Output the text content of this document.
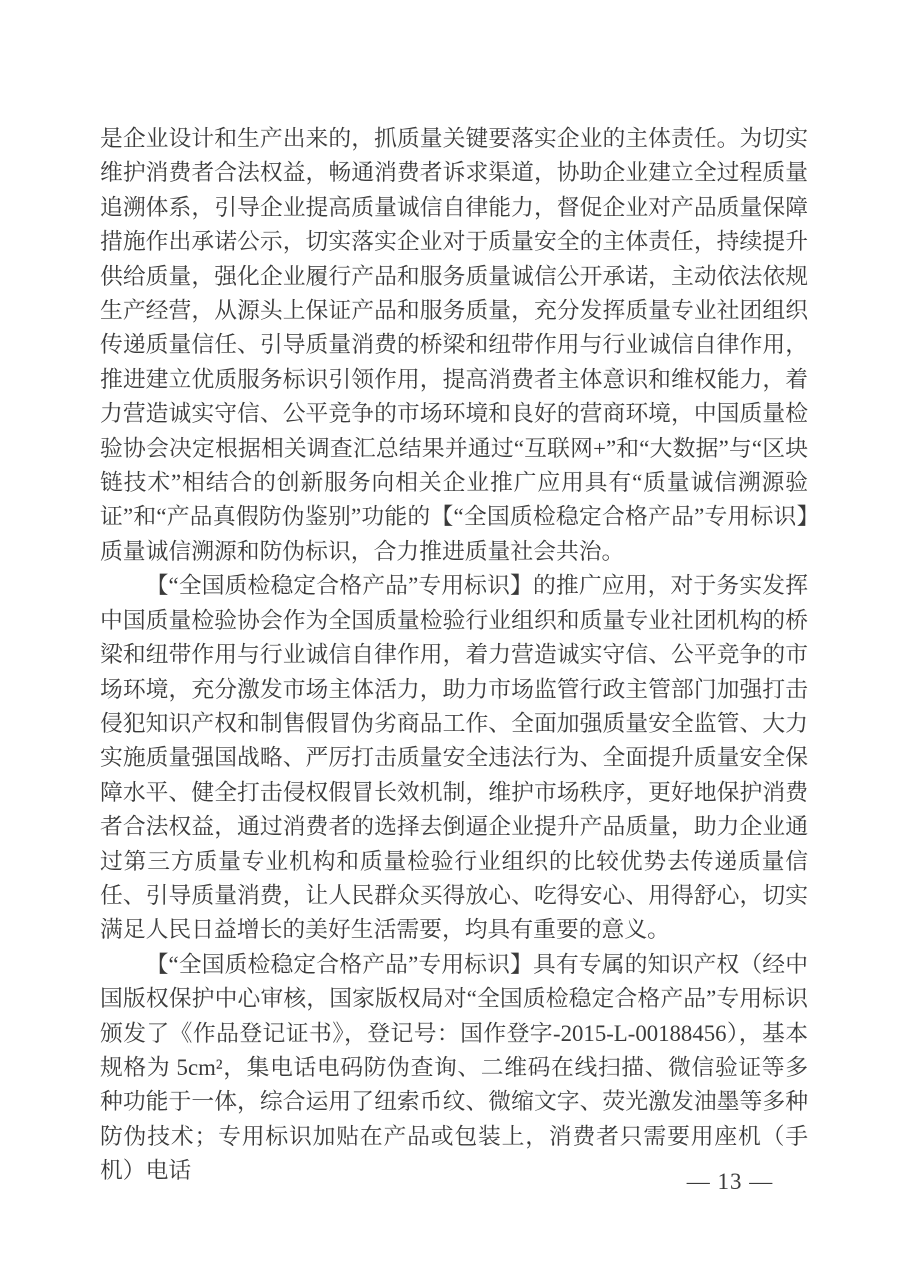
是企业设计和生产出来的，抓质量关键要落实企业的主体责任。为切实维护消费者合法权益，畅通消费者诉求渠道，协助企业建立全过程质量追溯体系，引导企业提高质量诚信自律能力，督促企业对产品质量保障措施作出承诺公示，切实落实企业对于质量安全的主体责任，持续提升供给质量，强化企业履行产品和服务质量诚信公开承诺，主动依法依规生产经营，从源头上保证产品和服务质量，充分发挥质量专业社团组织传递质量信任、引导质量消费的桥梁和纽带作用与行业诚信自律作用，推进建立优质服务标识引领作用，提高消费者主体意识和维权能力，着力营造诚实守信、公平竞争的市场环境和良好的营商环境，中国质量检验协会决定根据相关调查汇总结果并通过“互联网+”和“大数据”与“区块链技术”相结合的创新服务向相关企业推广应用具有“质量诚信溯源验证”和“产品真假防伪鉴别”功能的【“全国质检稳定合格产品”专用标识】质量诚信溯源和防伪标识，合力推进质量社会共治。

【“全国质检稳定合格产品”专用标识】的推广应用，对于务实发挥中国质量检验协会作为全国质量检验行业组织和质量专业社团机构的桥梁和纽带作用与行业诚信自律作用，着力营造诚实守信、公平竞争的市场环境，充分激发市场主体活力，助力市场监管行政主管部门加强打击侵犯知识产权和制售假冒伪劣商品工作、全面加强质量安全监管、大力实施质量强国战略、严厉打击质量安全违法行为、全面提升质量安全保障水平、健全打击侵权假冒长效机制，维护市场秩序，更好地保护消费者合法权益，通过消费者的选择去倒逼企业提升产品质量，助力企业通过第三方质量专业机构和质量检验行业组织的比较优势去传递质量信任、引导质量消费，让人民群众买得放心、吃得安心、用得舒心，切实满足人民日益增长的美好生活需要，均具有重要的意义。

【“全国质检稳定合格产品”专用标识】具有专属的知识产权（经中国版权保护中心审核，国家版权局对“全国质检稳定合格产品”专用标识颁发了《作品登记证书》，登记号：国作登字-2015-L-00188456），基本规格为 5cm²，集电话电码防伪查询、二维码在线扫描、微信验证等多种功能于一体，综合运用了纽索币纹、微缩文字、荧光激发油墨等多种防伪技术；专用标识加贴在产品或包装上，消费者只需要用座机（手机）电话	— 13 —
